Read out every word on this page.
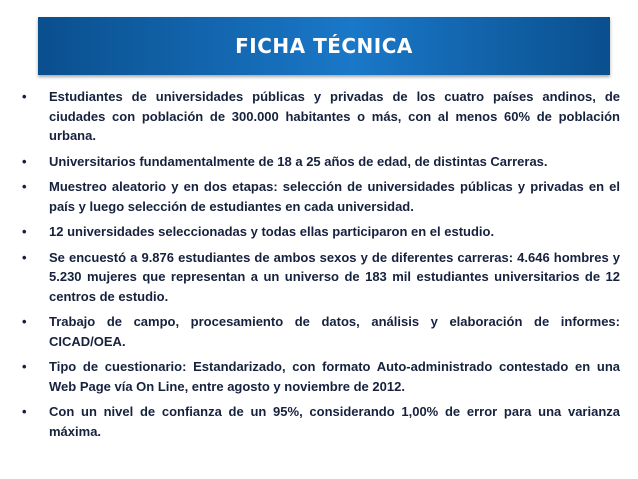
FICHA TÉCNICA
• Estudiantes de universidades públicas y privadas de los cuatro países andinos, de ciudades con población de 300.000 habitantes o más, con al menos 60% de población urbana.
• Universitarios fundamentalmente de 18 a 25 años de edad, de distintas Carreras.
• Muestreo aleatorio y en dos etapas: selección de universidades públicas y privadas en el país y luego selección de estudiantes en cada universidad.
• 12 universidades seleccionadas y todas ellas participaron en el estudio.
• Se encuestó a 9.876 estudiantes de ambos sexos y de diferentes carreras: 4.646 hombres y 5.230 mujeres que representan a un universo de 183 mil estudiantes universitarios de 12 centros de estudio.
• Trabajo de campo, procesamiento de datos, análisis y elaboración de informes: CICAD/OEA.
• Tipo de cuestionario: Estandarizado, con formato Auto-administrado contestado en una Web Page vía On Line, entre agosto y noviembre de 2012.
• Con un nivel de confianza de un 95%, considerando 1,00% de error para una varianza máxima.
